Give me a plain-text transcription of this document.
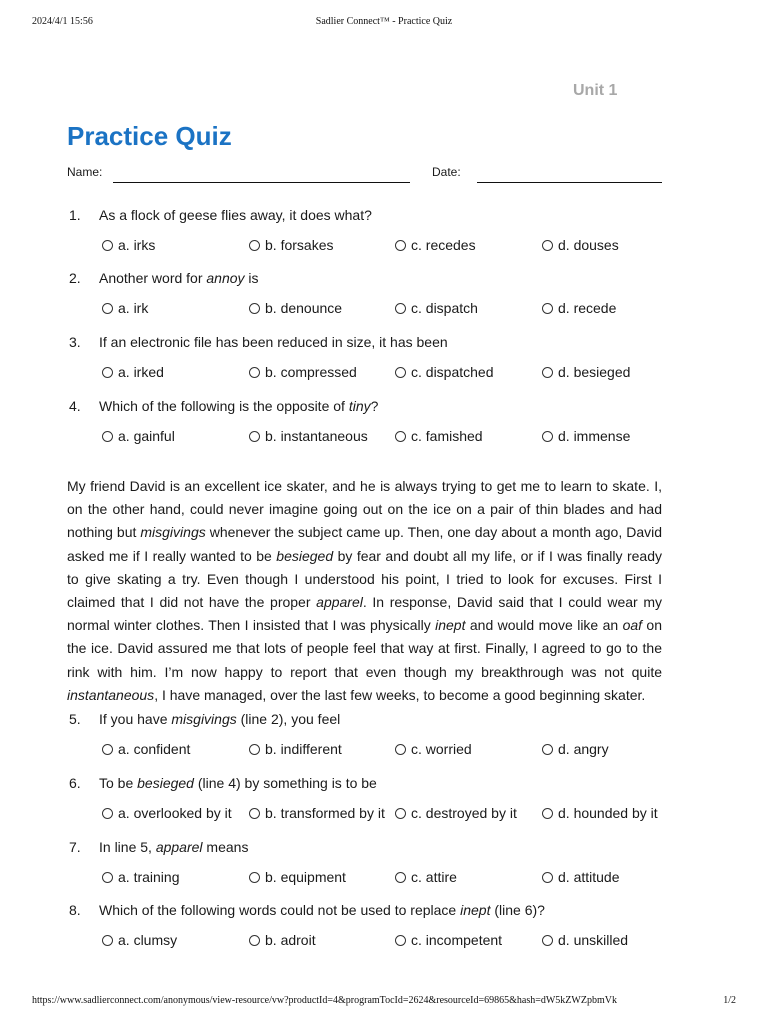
2024/4/1 15:56	Sadlier Connect™ - Practice Quiz
Unit 1
Practice Quiz
Name:	Date:
1. As a flock of geese flies away, it does what?
a. irks	b. forsakes	c. recedes	d. douses
2. Another word for annoy is
a. irk	b. denounce	c. dispatch	d. recede
3. If an electronic file has been reduced in size, it has been
a. irked	b. compressed	c. dispatched	d. besieged
4. Which of the following is the opposite of tiny?
a. gainful	b. instantaneous	c. famished	d. immense

My friend David is an excellent ice skater, and he is always trying to get me to learn to skate. I, on the other hand, could never imagine going out on the ice on a pair of thin blades and had nothing but misgivings whenever the subject came up. Then, one day about a month ago, David asked me if I really wanted to be besieged by fear and doubt all my life, or if I was finally ready to give skating a try. Even though I understood his point, I tried to look for excuses. First I claimed that I did not have the proper apparel. In response, David said that I could wear my normal winter clothes. Then I insisted that I was physically inept and would move like an oaf on the ice. David assured me that lots of people feel that way at first. Finally, I agreed to go to the rink with him. I’m now happy to report that even though my breakthrough was not quite instantaneous, I have managed, over the last few weeks, to become a good beginning skater.

5. If you have misgivings (line 2), you feel
a. confident	b. indifferent	c. worried	d. angry
6. To be besieged (line 4) by something is to be
a. overlooked by it b. transformed by it c. destroyed by it	d. hounded by it
7. In line 5, apparel means
a. training	b. equipment	c. attire	d. attitude
8. Which of the following words could not be used to replace inept (line 6)?
a. clumsy	b. adroit	c. incompetent	d. unskilled
https://www.sadlierconnect.com/anonymous/view-resource/vw?productId=4&programTocId=2624&resourceId=69865&hash=dW5kZWZpbmVk	1/2
